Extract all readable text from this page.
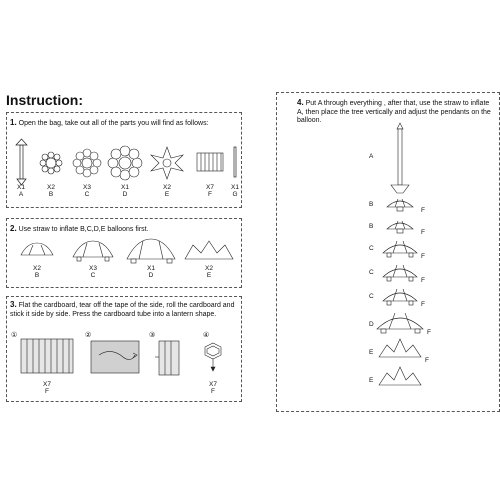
Instruction:
1. Open the bag, take out all of the parts you will find as follows:
X1
A
X2
B
X3
C
X1
D
X2
E
X7
F
X1
G
2. Use straw to inflate B,C,D,E balloons first.
X2
B
X3
C
X1
D
X2
E
3. Flat the cardboard, tear off the tape of the side, roll the cardboard and stick it side by side. Press the cardboard tube into a lantern shape.
①	②	③	④
X7
F
X7
F
4. Put A through everything , after that, use the straw to inflate A, then place the tree vertically and adjust the pendants on the balloon.
A
B
F
B
F
C
F
C
F
C
F
D
F
E
F
E
